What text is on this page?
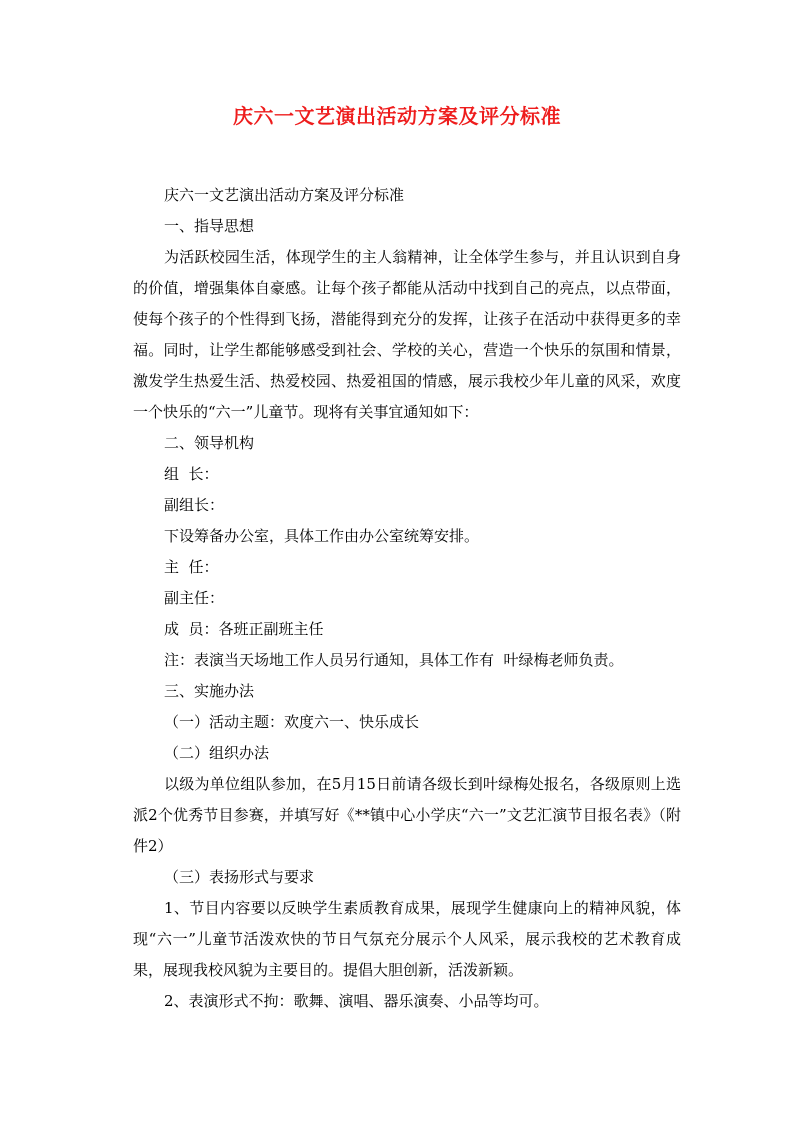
庆六一文艺演出活动方案及评分标准

庆六一文艺演出活动方案及评分标准

一、指导思想

为活跃校园生活，体现学生的主人翁精神，让全体学生参与，并且认识到自身的价值，增强集体自豪感。让每个孩子都能从活动中找到自己的亮点，以点带面，使每个孩子的个性得到飞扬，潜能得到充分的发挥，让孩子在活动中获得更多的幸福。同时，让学生都能够感受到社会、学校的关心，营造一个快乐的氛围和情景，激发学生热爱生活、热爱校园、热爱祖国的情感，展示我校少年儿童的风采，欢度一个快乐的“六一”儿童节。现将有关事宜通知如下：

二、领导机构

组  长：

副组长：

下设筹备办公室，具体工作由办公室统筹安排。

主  任：

副主任：

成  员：各班正副班主任

注：表演当天场地工作人员另行通知，具体工作有  叶绿梅老师负责。

三、实施办法

（一）活动主题：欢度六一、快乐成长

（二）组织办法

以级为单位组队参加，在5月15日前请各级长到叶绿梅处报名，各级原则上选派2个优秀节目参赛，并填写好《**镇中心小学庆“六一”文艺汇演节目报名表》（附件2）

（三）表扬形式与要求

1、节目内容要以反映学生素质教育成果，展现学生健康向上的精神风貌，体现“六一”儿童节活泼欢快的节日气氛充分展示个人风采，展示我校的艺术教育成果，展现我校风貌为主要目的。提倡大胆创新，活泼新颖。

2、表演形式不拘：歌舞、演唱、器乐演奏、小品等均可。
